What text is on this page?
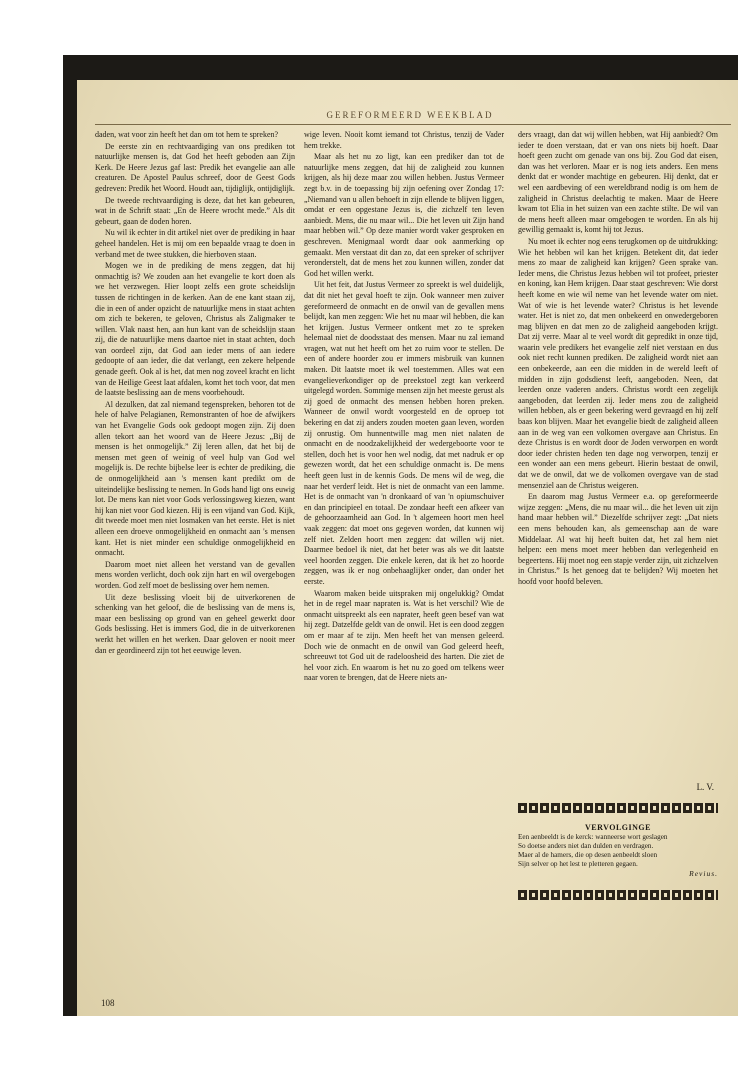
GEREFORMEERD WEEKBLAD

daden, wat voor zin heeft het dan om tot hem te spreken?

De eerste zin en rechtvaardiging van ons prediken tot natuurlijke mensen is, dat God het heeft geboden aan Zijn Kerk. De Heere Jezus gaf last: Predik het evangelie aan alle creaturen. De Apostel Paulus schreef, door de Geest Gods gedreven: Predik het Woord. Houdt aan, tijdiglijk, ontijdiglijk.

De tweede rechtvaardiging is deze, dat het kan gebeuren, wat in de Schrift staat: „En de Heere wrocht mede.” Als dit gebeurt, gaan de doden horen.

Nu wil ik echter in dit artikel niet over de prediking in haar geheel handelen. Het is mij om een bepaalde vraag te doen in verband met de twee stukken, die hierboven staan.

Mogen we in de prediking de mens zeggen, dat hij onmachtig is? We zouden aan het evangelie te kort doen als we het verzwegen. Hier loopt zelfs een grote scheidslijn tussen de richtingen in de kerken. Aan de ene kant staan zij, die in een of ander opzicht de natuurlijke mens in staat achten om zich te bekeren, te geloven, Christus als Zaligmaker te willen. Vlak naast hen, aan hun kant van de scheidslijn staan zij, die de natuurlijke mens daartoe niet in staat achten, doch van oordeel zijn, dat God aan ieder mens of aan iedere gedoopte of aan ieder, die dat verlangt, een zekere helpende genade geeft. Ook al is het, dat men nog zoveel kracht en licht van de Heilige Geest laat afdalen, komt het toch voor, dat men de laatste beslissing aan de mens voorbehoudt.

Al dezulken, dat zal niemand tegenspreken, behoren tot de hele of halve Pelagianen, Remonstranten of hoe de afwijkers van het Evangelie Gods ook gedoopt mogen zijn. Zij doen allen tekort aan het woord van de Heere Jezus: „Bij de mensen is het onmogelijk.” Zij leren allen, dat het bij de mensen met geen of weinig of veel hulp van God wel mogelijk is. De rechte bijbelse leer is echter de prediking, die de onmogelijkheid aan 's mensen kant predikt om de uiteindelijke beslissing te nemen. In Gods hand ligt ons euwig lot. De mens kan niet voor Gods verlossingsweg kiezen, want hij kan niet voor God kiezen. Hij is een vijand van God. Kijk, dit tweede moet men niet losmaken van het eerste. Het is niet alleen een droeve onmogelijkheid en onmacht aan 's mensen kant. Het is niet minder een schuldige onmogelijkheid en onmacht.

Daarom moet niet alleen het verstand van de gevallen mens worden verlicht, doch ook zijn hart en wil overgebogen worden. God zelf moet de beslissing over hem nemen.

Uit deze beslissing vloeit bij de uitverkorenen de schenking van het geloof, die de beslissing van de mens is, maar een beslissing op grond van en geheel gewerkt door Gods beslissing. Het is immers God, die in de uitverkorenen werkt het willen en het werken. Daar geloven er nooit meer dan er geordineerd zijn tot het eeuwige leven.

wige leven. Nooit komt iemand tot Christus, tenzij de Vader hem trekke.

Maar als het nu zo ligt, kan een prediker dan tot de natuurlijke mens zeggen, dat hij de zaligheid zou kunnen krijgen, als hij deze maar zou willen hebben. Justus Vermeer zegt b.v. in de toepassing bij zijn oefening over Zondag 17: „Niemand van u allen behoeft in zijn ellende te blijven liggen, omdat er een opgestane Jezus is, die zichzelf ten leven aanbiedt. Mens, die nu maar wil... Die het leven uit Zijn hand maar hebben wil.” Op deze manier wordt vaker gesproken en geschreven. Menigmaal wordt daar ook aanmerking op gemaakt. Men verstaat dit dan zo, dat een spreker of schrijver veronderstelt, dat de mens het zou kunnen willen, zonder dat God het willen werkt.

Uit het feit, dat Justus Vermeer zo spreekt is wel duidelijk, dat dit niet het geval hoeft te zijn. Ook wanneer men zuiver gereformeerd de onmacht en de onwil van de gevallen mens belijdt, kan men zeggen: Wie het nu maar wil hebben, die kan het krijgen. Justus Vermeer ontkent met zo te spreken helemaal niet de doodsstaat des mensen. Maar nu zal iemand vragen, wat nut het heeft om het zo ruim voor te stellen. De een of andere hoorder zou er immers misbruik van kunnen maken. Dit laatste moet ik wel toestemmen. Alles wat een evangelieverkondiger op de preekstoel zegt kan verkeerd uitgelegd worden. Sommige mensen zijn het meeste gerust als zij goed de onmacht des mensen hebben horen preken. Wanneer de onwil wordt voorgesteld en de oproep tot bekering en dat zij anders zouden moeten gaan leven, worden zij onrustig. Om hunnentwille mag men niet nalaten de onmacht en de noodzakelijkheid der wedergeboorte voor te stellen, doch het is voor hen wel nodig, dat met nadruk er op gewezen wordt, dat het een schuldige onmacht is. De mens heeft geen lust in de kennis Gods. De mens wil de weg, die naar het verderf leidt. Het is niet de onmacht van een lamme. Het is de onmacht van 'n dronkaard of van 'n opiumschuiver en dan principieel en totaal. De zondaar heeft een afkeer van de gehoorzaamheid aan God. In 't algemeen hoort men heel vaak zeggen: dat moet ons gegeven worden, dat kunnen wij zelf niet. Zelden hoort men zeggen: dat willen wij niet. Daarmee bedoel ik niet, dat het beter was als we dit laatste veel hoorden zeggen. Die enkele keren, dat ik het zo hoorde zeggen, was ik er nog onbehaaglijker onder, dan onder het eerste.

Waarom maken beide uitspraken mij ongelukkig? Omdat het in de regel maar napraten is. Wat is het verschil? Wie de onmacht uitspreekt als een naprater, heeft geen besef van wat hij zegt. Datzelfde geldt van de onwil. Het is een dood zeggen om er maar af te zijn. Men heeft het van mensen geleerd. Doch wie de onmacht en de onwil van God geleerd heeft, schreeuwt tot God uit de radeloosheid des harten. Die ziet de hel voor zich. En waarom is het nu zo goed om telkens weer naar voren te brengen, dat de Heere niets an-

ders vraagt, dan dat wij willen hebben, wat Hij aanbiedt? Om ieder te doen verstaan, dat er van ons niets bij hoeft. Daar hoeft geen zucht om genade van ons bij. Zou God dat eisen, dan was het verloren. Maar er is nog iets anders. Een mens denkt dat er wonder machtige en gebeuren. Hij denkt, dat er wel een aardbeving of een wereldbrand nodig is om hem de zaligheid in Christus deelachtig te maken. Maar de Heere kwam tot Elia in het suizen van een zachte stilte. De wil van de mens heeft alleen maar omgebogen te worden. En als hij gewillig gemaakt is, komt hij tot Jezus.

Nu moet ik echter nog eens terugkomen op de uitdrukking: Wie het hebben wil kan het krijgen. Betekent dit, dat ieder mens zo maar de zaligheid kan krijgen? Geen sprake van. Ieder mens, die Christus Jezus hebben wil tot profeet, priester en koning, kan Hem krijgen. Daar staat geschreven: Wie dorst heeft kome en wie wil neme van het levende water om niet. Wat of wie is het levende water? Christus is het levende water. Het is niet zo, dat men onbekeerd en onwedergeboren mag blijven en dat men zo de zaligheid aangeboden krijgt. Dat zij verre. Maar al te veel wordt dit gepredikt in onze tijd, waarin vele predikers het evangelie zelf niet verstaan en dus ook niet recht kunnen prediken. De zaligheid wordt niet aan een onbekeerde, aan een die midden in de wereld leeft of midden in zijn godsdienst leeft, aangeboden. Neen, dat leerden onze vaderen anders. Christus wordt een zegelijk aangeboden, dat leerden zij. Ieder mens zou de zaligheid willen hebben, als er geen bekering werd gevraagd en hij zelf baas kon blijven. Maar het evangelie biedt de zaligheid alleen aan in de weg van een volkomen overgave aan Christus. En deze Christus is en wordt door de Joden verworpen en wordt door ieder christen heden ten dage nog verworpen, tenzij er een wonder aan een mens gebeurt. Hierin bestaat de onwil, dat we de onwil, dat we de volkomen overgave van de stad mensenziel aan de Christus weigeren.

En daarom mag Justus Vermeer e.a. op gereformeerde wijze zeggen: „Mens, die nu maar wil... die het leven uit zijn hand maar hebben wil.” Diezelfde schrijver zegt: „Dat niets een mens behouden kan, als gemeenschap aan de ware Middelaar. Al wat hij heeft buiten dat, het zal hem niet helpen: een mens moet meer hebben dan verlegenheid en begeertens. Hij moet nog een stapje verder zijn, uit zichzelven in Christus.” Is het genoeg dat te belijden? Wij moeten het hoofd voor hoofd beleven.

L. V.
VERVOLGINGE
Een aenbeeldt is de kerck: wanneerse wort geslagen
So doetse anders niet dan dulden en verdragen.
Maer al de hamers, die op desen aenbeeldt sloen
Sijn selver op het lest te pletteren gegaen.
Revius.
108
